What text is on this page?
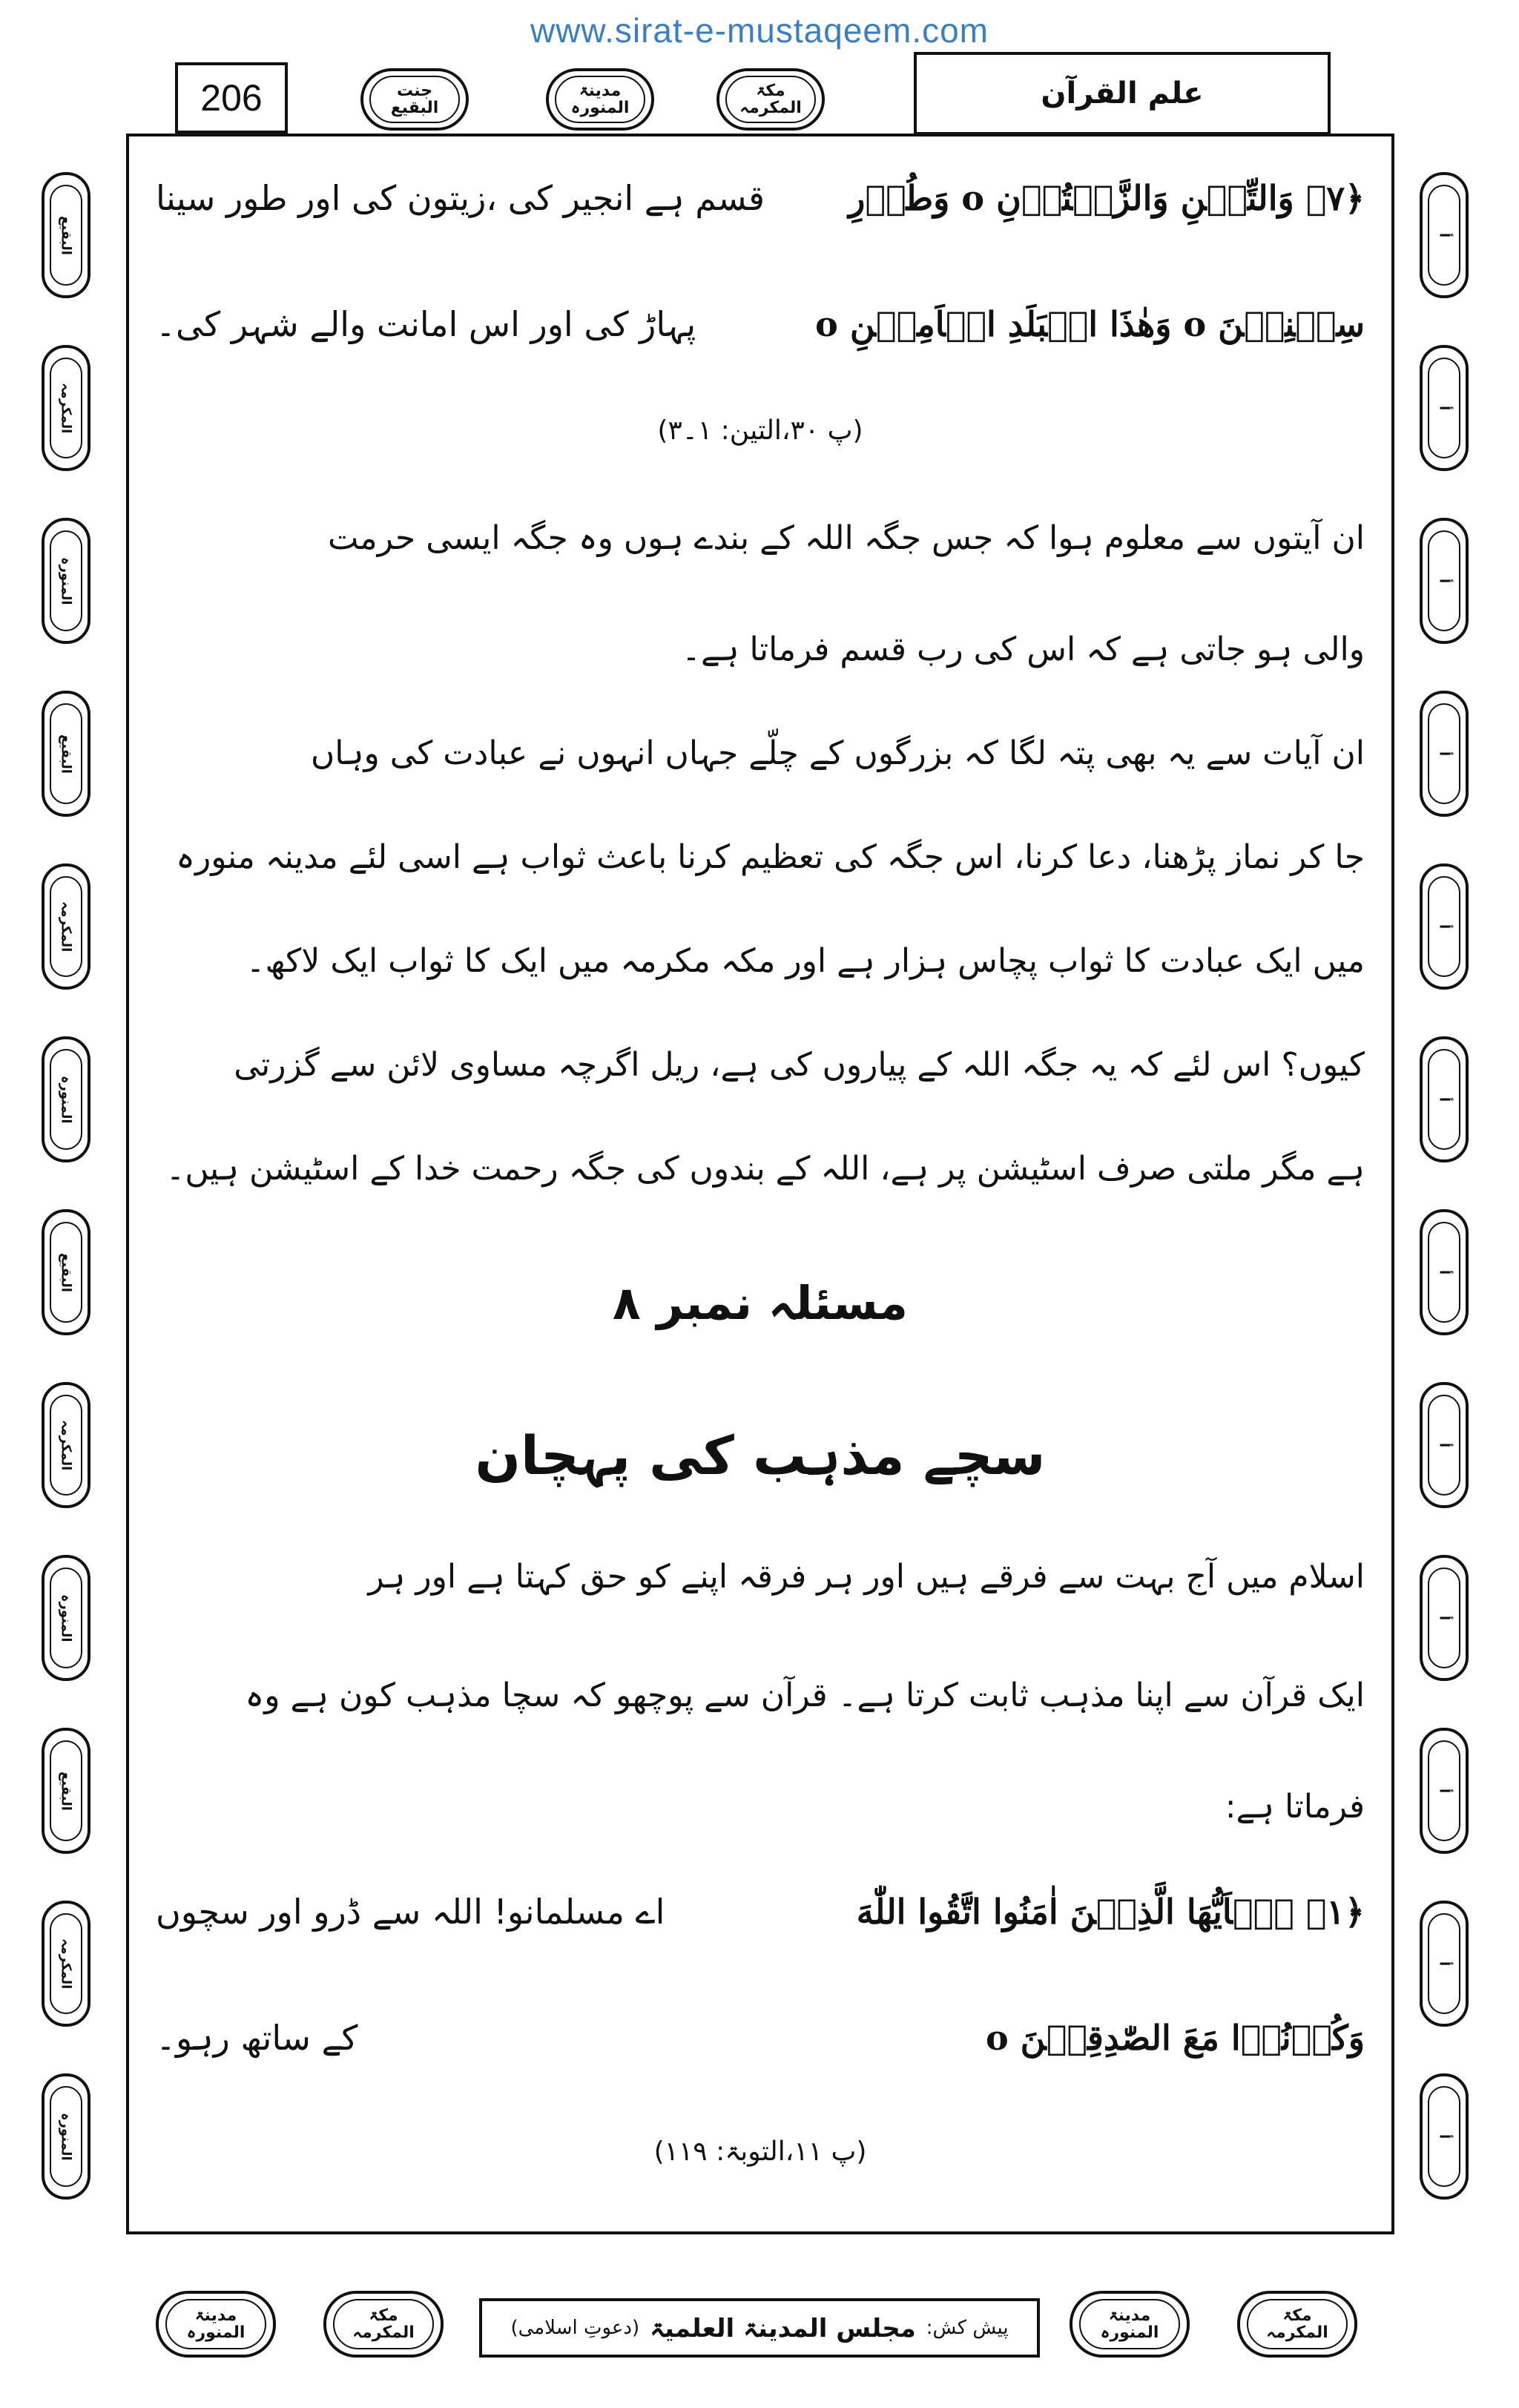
www.sirat-e-mustaqeem.com
206	جنت
البقیع
مدینۃ
المنورہ
مکۃ
المکرمہ	علم القرآن
البقیع
المکرمہ
المنورہ
البقیع
المکرمہ
المنورہ
البقیع
المکرمہ
المنورہ
البقیع
المکرمہ
المنورہ
أ
أ
أ
أ
أ
أ
أ
أ
أ
أ
أ
أ
﴿۷﴾ وَالتِّیۡنِ وَالزَّیۡتُوۡنِ o وَطُوۡرِ
قسم ہے انجیر کی ،زیتون کی اور طور سینا
سِیۡنِیۡنَ o وَهٰذَا الۡبَلَدِ الۡاَمِیۡنِ o
پہاڑ کی اور اس امانت والے شہر کی۔
(پ ۳۰،التین: ۱۔۳)
ان آیتوں سے معلوم ہوا کہ جس جگہ اللہ کے بندے ہوں وہ جگہ ایسی حرمت
والی ہو جاتی ہے کہ اس کی رب قسم فرماتا ہے۔
ان آیات سے یہ بھی پتہ لگا کہ بزرگوں کے چلّے جہاں انہوں نے عبادت کی وہاں
جا کر نماز پڑھنا، دعا کرنا، اس جگہ کی تعظیم کرنا باعث ثواب ہے اسی لئے مدینہ منورہ
میں ایک عبادت کا ثواب پچاس ہزار ہے اور مکہ مکرمہ میں ایک کا ثواب ایک لاکھ۔
کیوں؟ اس لئے کہ یہ جگہ اللہ کے پیاروں کی ہے، ریل اگرچہ مساوی لائن سے گزرتی
ہے مگر ملتی صرف اسٹیشن پر ہے، اللہ کے بندوں کی جگہ رحمت خدا کے اسٹیشن ہیں۔
مسئلہ نمبر ۸
سچے مذہب کی پہچان
اسلام میں آج بہت سے فرقے ہیں اور ہر فرقہ اپنے کو حق کہتا ہے اور ہر
ایک قرآن سے اپنا مذہب ثابت کرتا ہے۔ قرآن سے پوچھو کہ سچا مذہب کون ہے وہ
فرماتا ہے:
﴿۱﴾ یٰۤاَیُّهَا الَّذِیۡنَ اٰمَنُوا اتَّقُوا اللّٰهَ
اے مسلمانو! اللہ سے ڈرو اور سچوں
وَکُوۡنُوۡا مَعَ الصّٰدِقِیۡنَ o
کے ساتھ رہو۔
(پ ۱۱،التوبۃ: ۱۱۹)
مدینۃ
المنورہ
مکۃ
المکرمہ	پیش کش:
مجلس المدینۃ العلمیۃ
(دعوتِ اسلامی)
مدینۃ
المنورہ
مکۃ
المکرمہ
